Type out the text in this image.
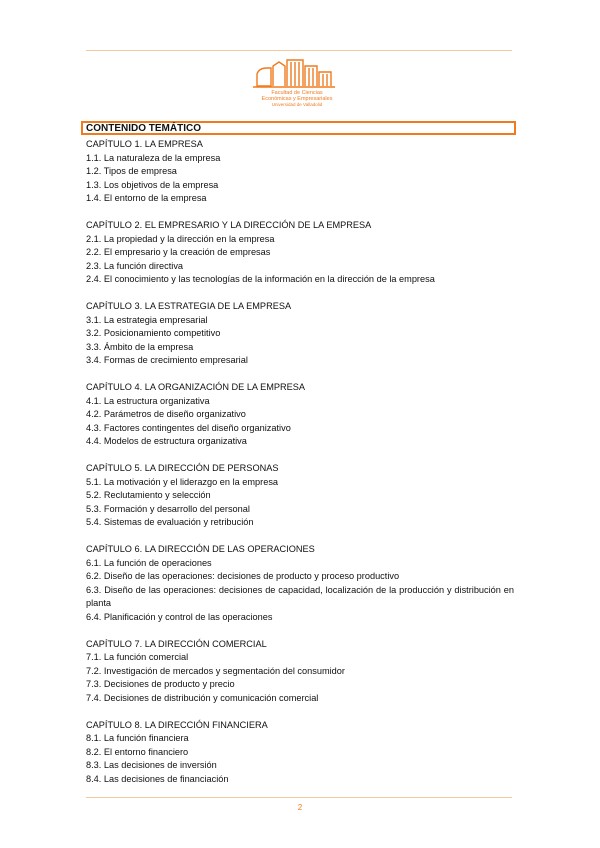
Facultad de Ciencias
Económicas y Empresariales
Universidad de Valladolid
CONTENIDO TEMÁTICO
CAPÍTULO 1. LA EMPRESA
1.1. La naturaleza de la empresa
1.2. Tipos de empresa
1.3. Los objetivos de la empresa
1.4. El entorno de la empresa
CAPÍTULO 2. EL EMPRESARIO Y LA DIRECCIÓN DE LA EMPRESA
2.1. La propiedad y la dirección en la empresa
2.2. El empresario y la creación de empresas
2.3. La función directiva
2.4. El conocimiento y las tecnologías de la información en la dirección de la empresa
CAPÍTULO 3. LA ESTRATEGIA DE LA EMPRESA
3.1. La estrategia empresarial
3.2. Posicionamiento competitivo
3.3. Ámbito de la empresa
3.4. Formas de crecimiento empresarial
CAPÍTULO 4. LA ORGANIZACIÓN DE LA EMPRESA
4.1. La estructura organizativa
4.2. Parámetros de diseño organizativo
4.3. Factores contingentes del diseño organizativo
4.4. Modelos de estructura organizativa
CAPÍTULO 5. LA DIRECCIÓN DE PERSONAS
5.1. La motivación y el liderazgo en la empresa
5.2. Reclutamiento y selección
5.3. Formación y desarrollo del personal
5.4. Sistemas de evaluación y retribución
CAPÍTULO 6. LA DIRECCIÓN DE LAS OPERACIONES
6.1. La función de operaciones
6.2. Diseño de las operaciones: decisiones de producto y proceso productivo
6.3. Diseño de las operaciones: decisiones de capacidad, localización de la producción y distribución en planta
6.4. Planificación y control de las operaciones
CAPÍTULO 7. LA DIRECCIÓN COMERCIAL
7.1. La función comercial
7.2. Investigación de mercados y segmentación del consumidor
7.3. Decisiones de producto y precio
7.4. Decisiones de distribución y comunicación comercial
CAPÍTULO 8. LA DIRECCIÓN FINANCIERA
8.1. La función financiera
8.2. El entorno financiero
8.3. Las decisiones de inversión
8.4. Las decisiones de financiación
2
